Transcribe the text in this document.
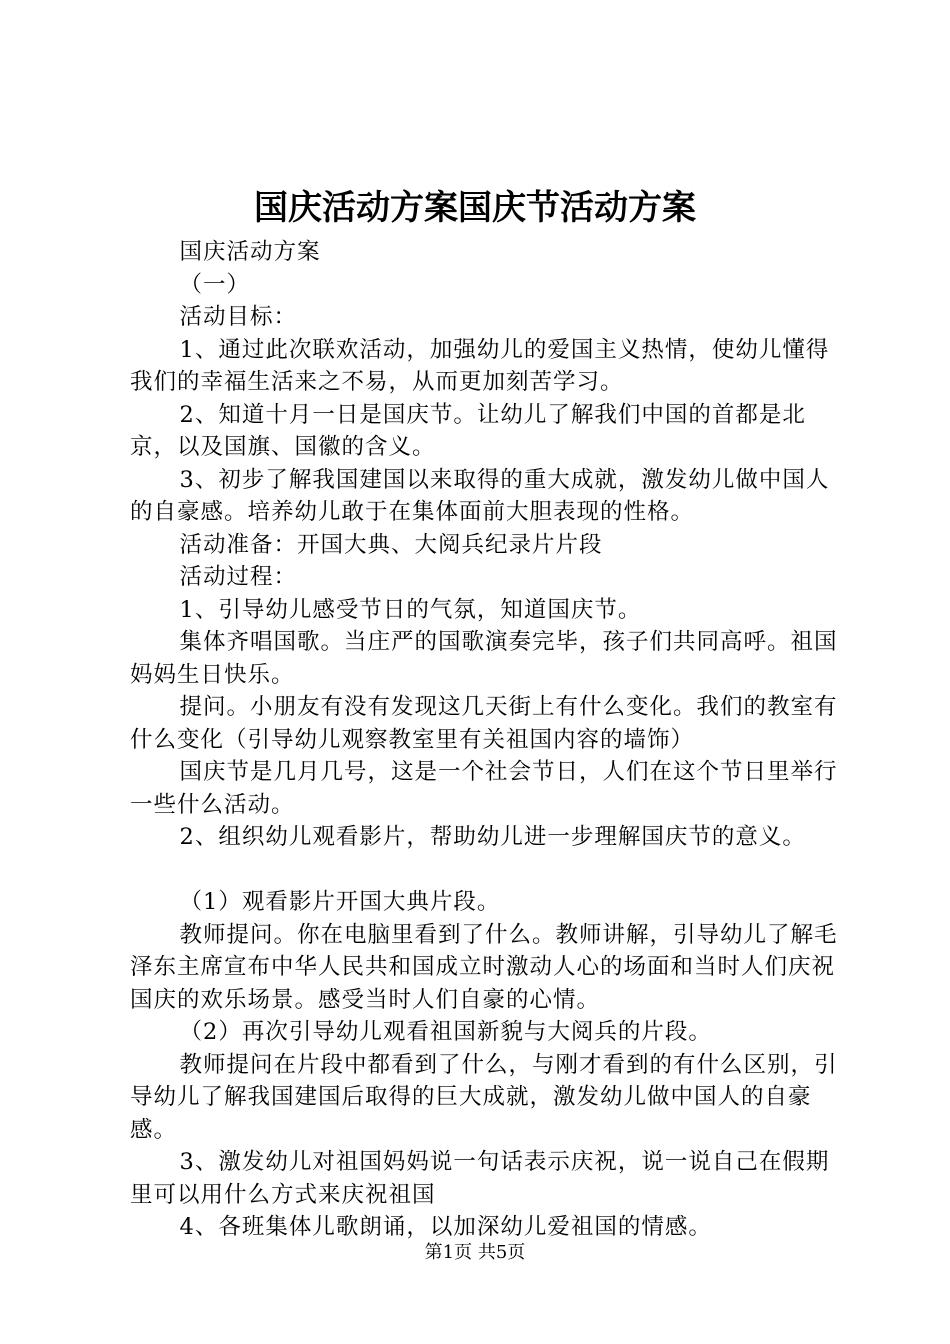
国庆活动方案国庆节活动方案

国庆活动方案

（一）

活动目标：

1、通过此次联欢活动，加强幼儿的爱国主义热情，使幼儿懂得我们的幸福生活来之不易，从而更加刻苦学习。

2、知道十月一日是国庆节。让幼儿了解我们中国的首都是北京，以及国旗、国徽的含义。

3、初步了解我国建国以来取得的重大成就，激发幼儿做中国人的自豪感。培养幼儿敢于在集体面前大胆表现的性格。

活动准备：开国大典、大阅兵纪录片片段

活动过程：

1、引导幼儿感受节日的气氛，知道国庆节。

集体齐唱国歌。当庄严的国歌演奏完毕，孩子们共同高呼。祖国妈妈生日快乐。

提问。小朋友有没有发现这几天街上有什么变化。我们的教室有什么变化（引导幼儿观察教室里有关祖国内容的墙饰）

国庆节是几月几号，这是一个社会节日，人们在这个节日里举行一些什么活动。

2、组织幼儿观看影片，帮助幼儿进一步理解国庆节的意义。

（1）观看影片开国大典片段。

教师提问。你在电脑里看到了什么。教师讲解，引导幼儿了解毛泽东主席宣布中华人民共和国成立时激动人心的场面和当时人们庆祝国庆的欢乐场景。感受当时人们自豪的心情。

（2）再次引导幼儿观看祖国新貌与大阅兵的片段。

教师提问在片段中都看到了什么，与刚才看到的有什么区别，引导幼儿了解我国建国后取得的巨大成就，激发幼儿做中国人的自豪感。

3、激发幼儿对祖国妈妈说一句话表示庆祝，说一说自己在假期里可以用什么方式来庆祝祖国

4、各班集体儿歌朗诵，以加深幼儿爱祖国的情感。

第1页 共5页
